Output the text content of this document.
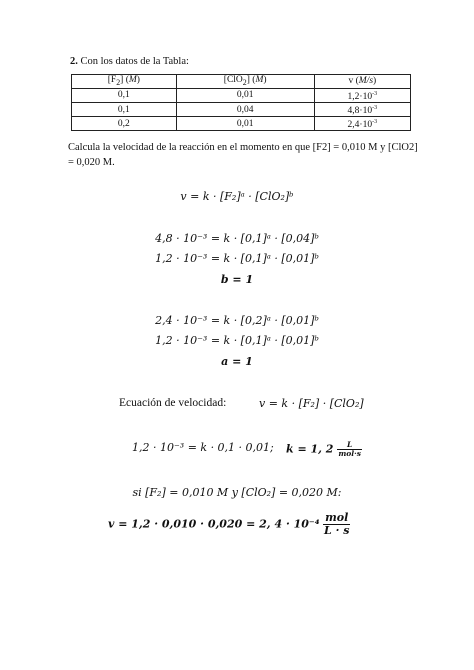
2. Con los datos de la Tabla:
$[F_2]$ (M)	[ClO$_2$] (M)	v (M/s)
0,1	0,01	$1,2\cdot 10^{-3}$
0,1	0,04	$4,8\cdot 10^{-3}$
0,2	0,01	$2,4\cdot 10^{-3}$
Calcula la velocidad de la reacción en el momento en que [F2] = 0,010 M y [ClO2] = 0,020 M.
v = k · [F₂]ᵃ · [ClO₂]ᵇ
4,8 · 10⁻³ = k · [0,1]ᵃ · [0,04]ᵇ
1,2 · 10⁻³ = k · [0,1]ᵃ · [0,01]ᵇ
b = 1
2,4 · 10⁻³ = k · [0,2]ᵃ · [0,01]ᵇ
1,2 · 10⁻³ = k · [0,1]ᵃ · [0,01]ᵇ
a = 1
Ecuación de velocidad:	v = k · [F₂] · [ClO₂]
1,2 · 10⁻³ = k · 0,1 · 0,01; k = 1, $2 \frac{L}{\text{mol·s}}$
si [F₂] = 0,010 M y [ClO₂] = 0,020 M:
v = 1,2 · 0,010 · 0,020 = 2, $4 \cdot 10^{-4} \frac{\text{mol}}{L \cdot s}$
